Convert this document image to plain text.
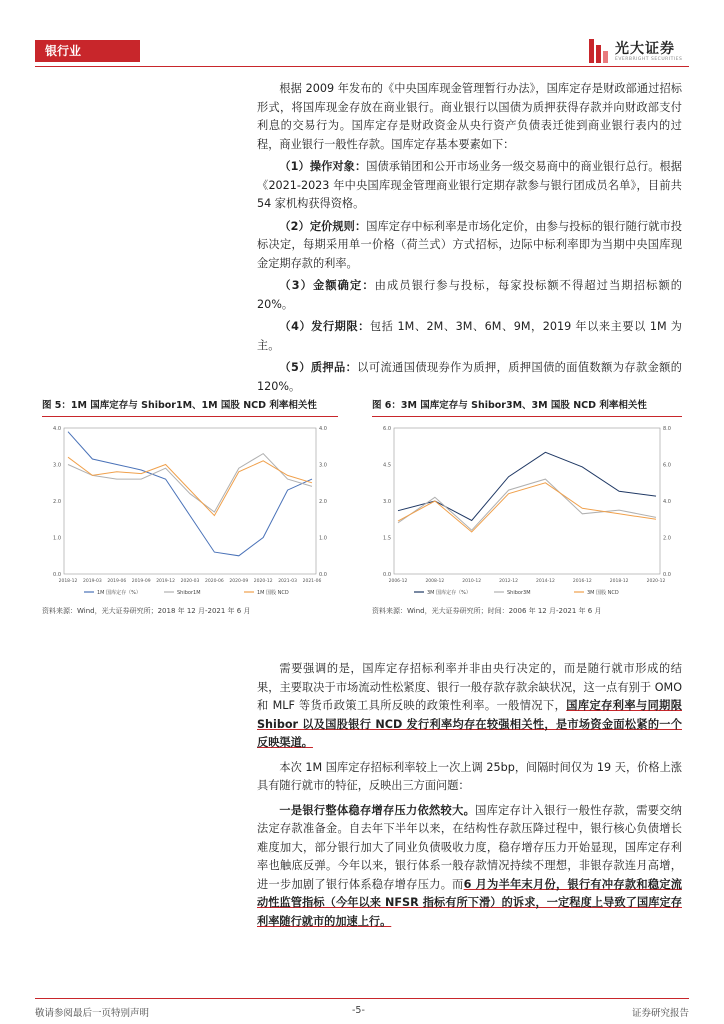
银行业	光大证券
EVERBRIGHT SECURITIES

根据 2009 年发布的《中央国库现金管理暂行办法》，国库定存是财政部通过招标形式，将国库现金存放在商业银行。商业银行以国债为质押获得存款并向财政部支付利息的交易行为。国库定存是财政资金从央行资产负债表迁徙到商业银行表内的过程，商业银行一般性存款。国库定存基本要素如下：

（1）操作对象：国债承销团和公开市场业务一级交易商中的商业银行总行。根据《2021-2023 年中央国库现金管理商业银行定期存款参与银行团成员名单》，目前共 54 家机构获得资格。

（2）定价规则：国库定存中标利率是市场化定价，由参与投标的银行随行就市投标决定，每期采用单一价格（荷兰式）方式招标，边际中标利率即为当期中央国库现金定期存款的利率。

（3）金额确定：由成员银行参与投标，每家投标额不得超过当期招标额的 20%。

（4）发行期限：包括 1M、2M、3M、6M、9M，2019 年以来主要以 1M 为主。

（5）质押品：以可流通国债现券作为质押，质押国债的面值数额为存款金额的 120%。

图 5：1M 国库定存与 Shibor1M、1M 国股 NCD 利率相关性	图 6：3M 国库定存与 Shibor3M、3M 国股 NCD 利率相关性
0.0	0.0
1.0	1.0
2.0	2.0
3.0	3.0
4.0	4.0
2018-12 2019-03 2019-06 2019-09 2019-12 2020-03 2020-06 2020-09 2020-12 2021-03 2021-06
1M 国库定存（%）	Shibor1M	1M 国股 NCD
0.0	0.0
1.5	2.0
3.0	4.0
4.5	6.0
6.0	8.0
2006-12	2008-12	2010-12	2012-12	2014-12	2016-12	2018-12	2020-12
3M 国库定存（%）	Shibor3M	3M 国股 NCD
资料来源：Wind，光大证券研究所；2018 年 12 月-2021 年 6 月	资料来源：Wind，光大证券研究所；时间：2006 年 12 月-2021 年 6 月

需要强调的是，国库定存招标利率并非由央行决定的，而是随行就市形成的结果，主要取决于市场流动性松紧度、银行一般存款存款余缺状况，这一点有别于 OMO 和 MLF 等货币政策工具所反映的政策性利率。一般情况下，国库定存利率与同期限 Shibor 以及国股银行 NCD 发行利率均存在较强相关性，是市场资金面松紧的一个反映渠道。

本次 1M 国库定存招标利率较上一次上调 25bp，间隔时间仅为 19 天，价格上涨具有随行就市的特征，反映出三方面问题：

一是银行整体稳存增存压力依然较大。国库定存计入银行一般性存款，需要交纳法定存款准备金。自去年下半年以来，在结构性存款压降过程中，银行核心负债增长难度加大，部分银行加大了同业负债吸收力度，稳存增存压力开始显现，国库定存利率也触底反弹。今年以来，银行体系一般存款情况持续不理想，非银存款连月高增，进一步加剧了银行体系稳存增存压力。而6 月为半年末月份，银行有冲存款和稳定流动性监管指标（今年以来 NFSR 指标有所下滑）的诉求，一定程度上导致了国库定存利率随行就市的加速上行。

敬请参阅最后一页特别声明	-5-	证券研究报告
